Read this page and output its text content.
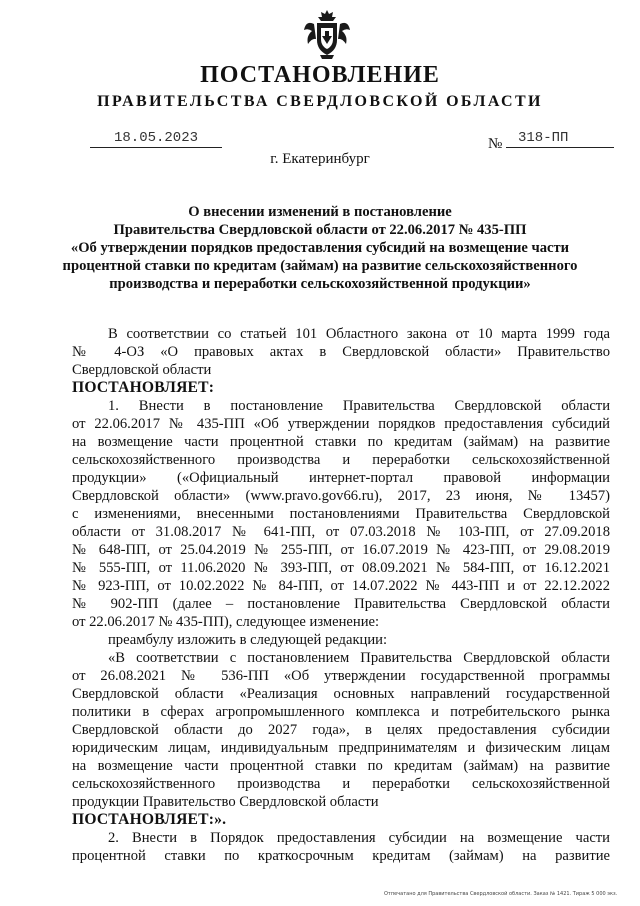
ПОСТАНОВЛЕНИЕ
ПРАВИТЕЛЬСТВА СВЕРДЛОВСКОЙ ОБЛАСТИ
18.05.2023	№	318-ПП
г. Екатеринбург
О внесении изменений в постановление
Правительства Свердловской области от 22.06.2017 № 435-ПП
«Об утверждении порядков предоставления субсидий на возмещение части
процентной ставки по кредитам (займам) на развитие сельскохозяйственного
производства и переработки сельскохозяйственной продукции»
В соответствии со статьей 101 Областного закона от 10 марта 1999 года
№ 4-ОЗ «О правовых актах в Свердловской области» Правительство
Свердловской области
ПОСТАНОВЛЯЕТ:
1. Внести в постановление Правительства Свердловской области
от 22.06.2017 № 435-ПП «Об утверждении порядков предоставления субсидий
на возмещение части процентной ставки по кредитам (займам) на развитие
сельскохозяйственного производства и переработки сельскохозяйственной
продукции» («Официальный интернет-портал правовой информации
Свердловской области» (www.pravo.gov66.ru), 2017, 23 июня, № 13457)
с изменениями, внесенными постановлениями Правительства Свердловской
области от 31.08.2017 № 641-ПП, от 07.03.2018 № 103-ПП, от 27.09.2018
№ 648-ПП, от 25.04.2019 № 255-ПП, от 16.07.2019 № 423-ПП, от 29.08.2019
№ 555-ПП, от 11.06.2020 № 393-ПП, от 08.09.2021 № 584-ПП, от 16.12.2021
№ 923-ПП, от 10.02.2022 № 84-ПП, от 14.07.2022 № 443-ПП и от 22.12.2022
№ 902-ПП (далее – постановление Правительства Свердловской области
от 22.06.2017 № 435-ПП), следующее изменение:
преамбулу изложить в следующей редакции:
«В соответствии с постановлением Правительства Свердловской области
от 26.08.2021 № 536-ПП «Об утверждении государственной программы
Свердловской области «Реализация основных направлений государственной
политики в сферах агропромышленного комплекса и потребительского рынка
Свердловской области до 2027 года», в целях предоставления субсидии
юридическим лицам, индивидуальным предпринимателям и физическим лицам
на возмещение части процентной ставки по кредитам (займам) на развитие
сельскохозяйственного производства и переработки сельскохозяйственной
продукции Правительство Свердловской области
ПОСТАНОВЛЯЕТ:».
2. Внести в Порядок предоставления субсидии на возмещение части
процентной ставки по краткосрочным кредитам (займам) на развитие
Отпечатано для Правительства Свердловской области. Заказ № 1421. Тираж 5 000 экз.
